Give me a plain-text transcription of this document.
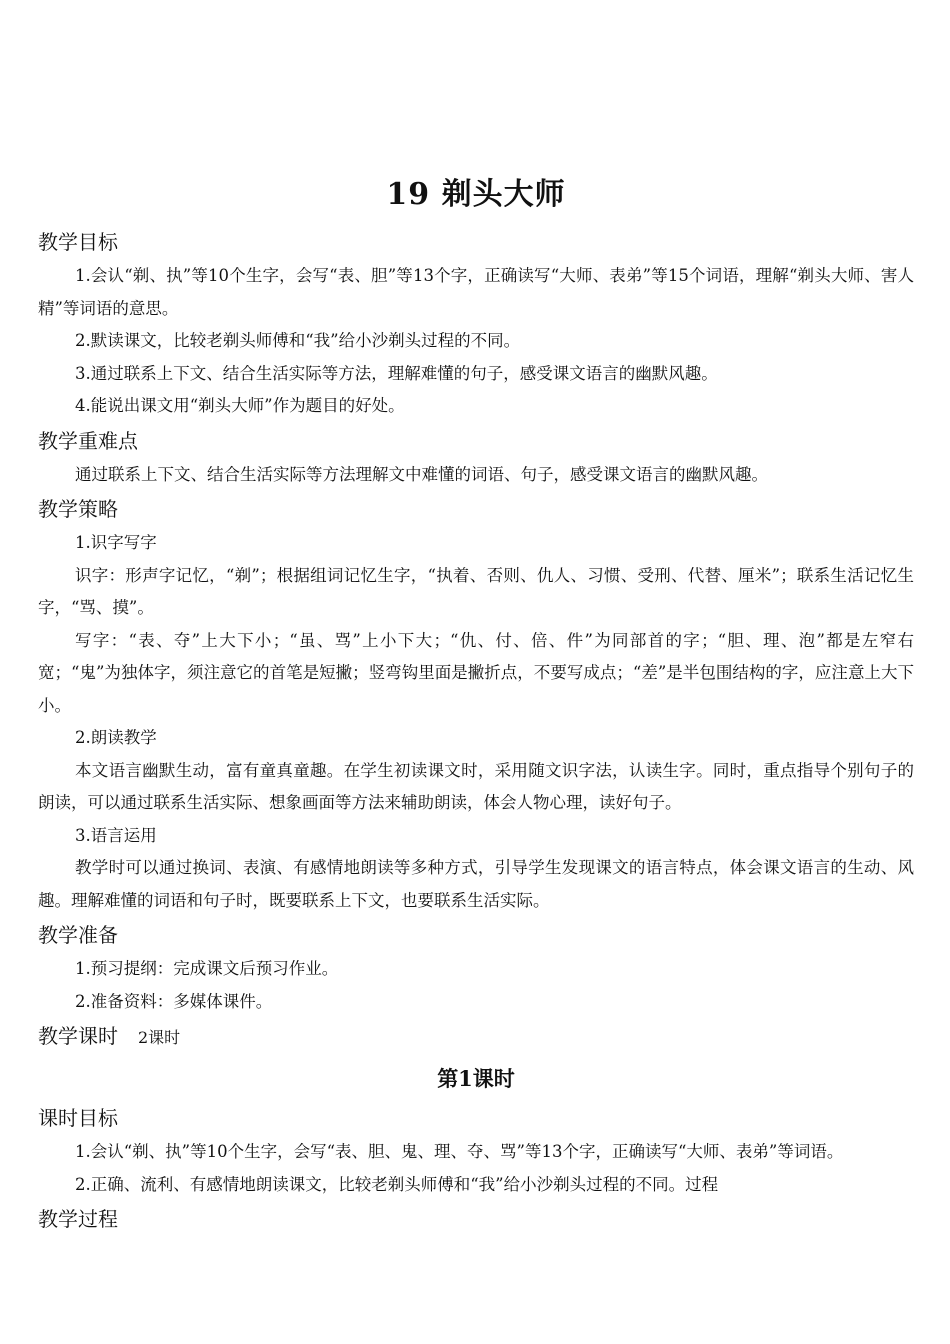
19 剃头大师
教学目标

1.会认“剃、执”等10个生字，会写“表、胆”等13个字，正确读写“大师、表弟”等15个词语，理解“剃头大师、害人精”等词语的意思。

2.默读课文，比较老剃头师傅和“我”给小沙剃头过程的不同。

3.通过联系上下文、结合生活实际等方法，理解难懂的句子，感受课文语言的幽默风趣。

4.能说出课文用“剃头大师”作为题目的好处。

教学重难点

通过联系上下文、结合生活实际等方法理解文中难懂的词语、句子，感受课文语言的幽默风趣。

教学策略

1.识字写字

识字：形声字记忆，“剃”；根据组词记忆生字，“执着、否则、仇人、习惯、受刑、代替、厘米”；联系生活记忆生字，“骂、摸”。

写字：“表、夺”上大下小；“虽、骂”上小下大；“仇、付、倍、件”为同部首的字；“胆、理、泡”都是左窄右宽；“鬼”为独体字，须注意它的首笔是短撇；竖弯钩里面是撇折点，不要写成点；“差”是半包围结构的字，应注意上大下小。

2.朗读教学

本文语言幽默生动，富有童真童趣。在学生初读课文时，采用随文识字法，认读生字。同时，重点指导个别句子的朗读，可以通过联系生活实际、想象画面等方法来辅助朗读，体会人物心理，读好句子。

3.语言运用

教学时可以通过换词、表演、有感情地朗读等多种方式，引导学生发现课文的语言特点，体会课文语言的生动、风趣。理解难懂的词语和句子时，既要联系上下文，也要联系生活实际。

教学准备

1.预习提纲：完成课文后预习作业。

2.准备资料：多媒体课件。

教学课时 2课时
第1课时
课时目标

1.会认“剃、执”等10个生字，会写“表、胆、鬼、理、夺、骂”等13个字，正确读写“大师、表弟”等词语。

2.正确、流利、有感情地朗读课文，比较老剃头师傅和“我”给小沙剃头过程的不同。过程

教学过程
